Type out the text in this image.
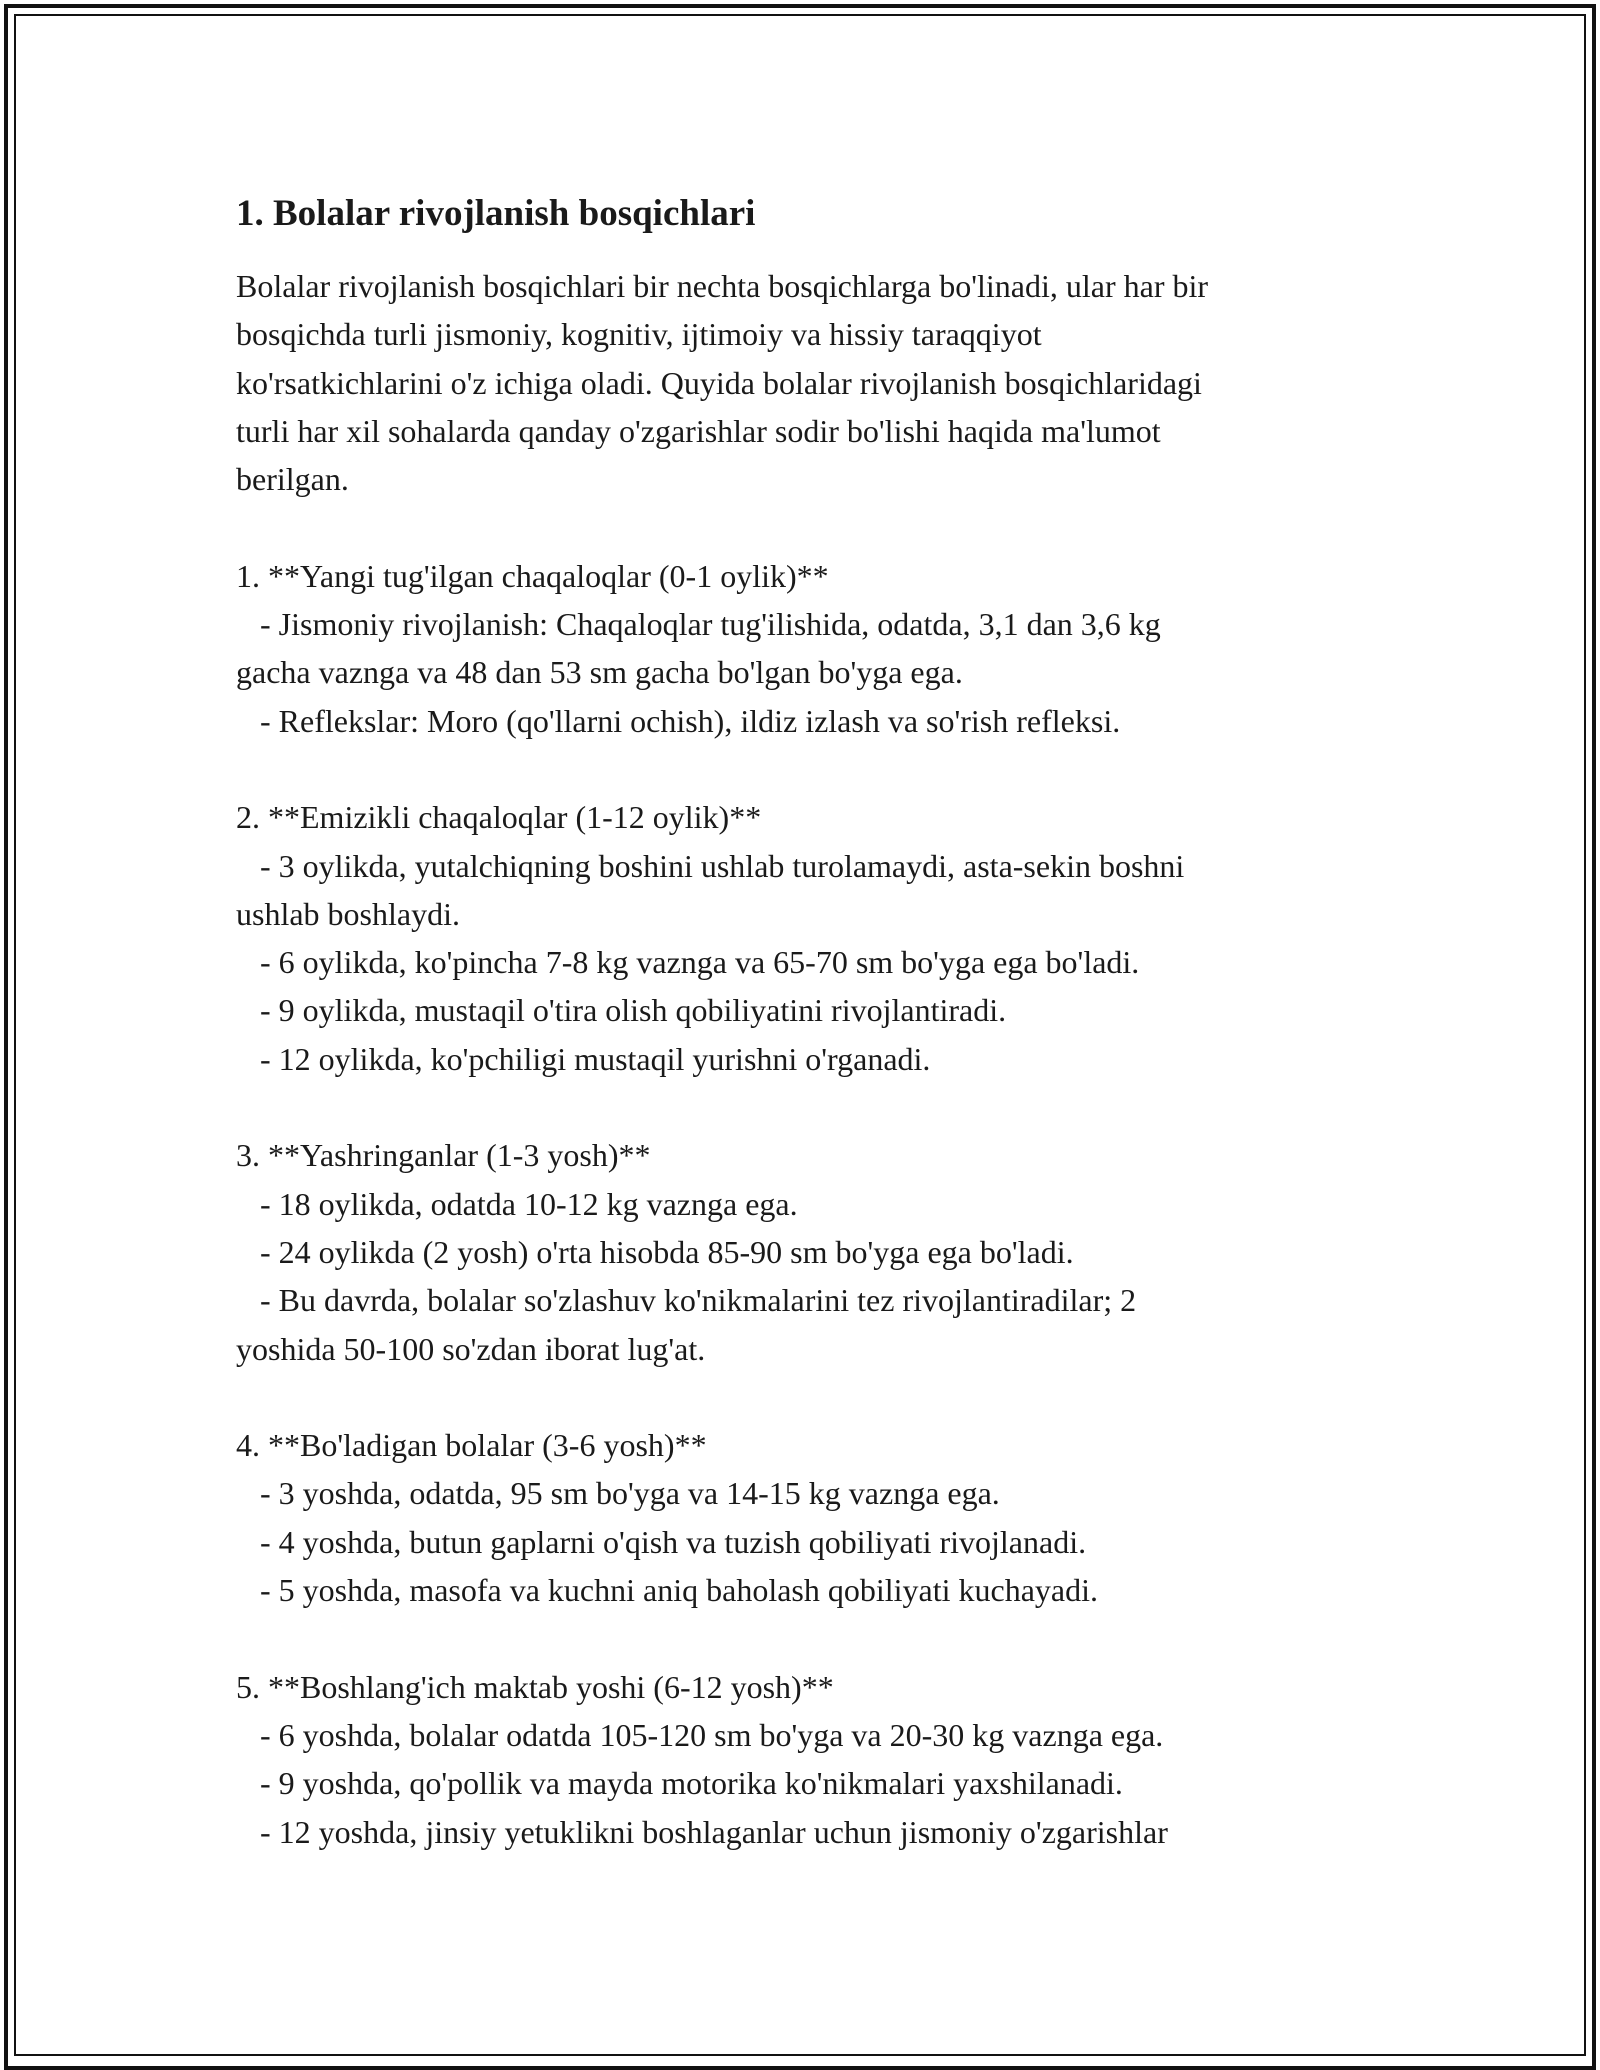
1. Bolalar rivojlanish bosqichlari
Bolalar rivojlanish bosqichlari bir nechta bosqichlarga bo'linadi, ular har bir
bosqichda turli jismoniy, kognitiv, ijtimoiy va hissiy taraqqiyot
ko'rsatkichlarini o'z ichiga oladi. Quyida bolalar rivojlanish bosqichlaridagi
turli har xil sohalarda qanday o'zgarishlar sodir bo'lishi haqida ma'lumot
berilgan.
1. **Yangi tug'ilgan chaqaloqlar (0-1 oylik)**
- Jismoniy rivojlanish: Chaqaloqlar tug'ilishida, odatda, 3,1 dan 3,6 kg
gacha vaznga va 48 dan 53 sm gacha bo'lgan bo'yga ega.
- Reflekslar: Moro (qo'llarni ochish), ildiz izlash va so'rish refleksi.
2. **Emizikli chaqaloqlar (1-12 oylik)**
- 3 oylikda, yutalchiqning boshini ushlab turolamaydi, asta-sekin boshni
ushlab boshlaydi.
- 6 oylikda, ko'pincha 7-8 kg vaznga va 65-70 sm bo'yga ega bo'ladi.
- 9 oylikda, mustaqil o'tira olish qobiliyatini rivojlantiradi.
- 12 oylikda, ko'pchiligi mustaqil yurishni o'rganadi.
3. **Yashringanlar (1-3 yosh)**
- 18 oylikda, odatda 10-12 kg vaznga ega.
- 24 oylikda (2 yosh) o'rta hisobda 85-90 sm bo'yga ega bo'ladi.
- Bu davrda, bolalar so'zlashuv ko'nikmalarini tez rivojlantiradilar; 2
yoshida 50-100 so'zdan iborat lug'at.
4. **Bo'ladigan bolalar (3-6 yosh)**
- 3 yoshda, odatda, 95 sm bo'yga va 14-15 kg vaznga ega.
- 4 yoshda, butun gaplarni o'qish va tuzish qobiliyati rivojlanadi.
- 5 yoshda, masofa va kuchni aniq baholash qobiliyati kuchayadi.
5. **Boshlang'ich maktab yoshi (6-12 yosh)**
- 6 yoshda, bolalar odatda 105-120 sm bo'yga va 20-30 kg vaznga ega.
- 9 yoshda, qo'pollik va mayda motorika ko'nikmalari yaxshilanadi.
- 12 yoshda, jinsiy yetuklikni boshlaganlar uchun jismoniy o'zgarishlar
